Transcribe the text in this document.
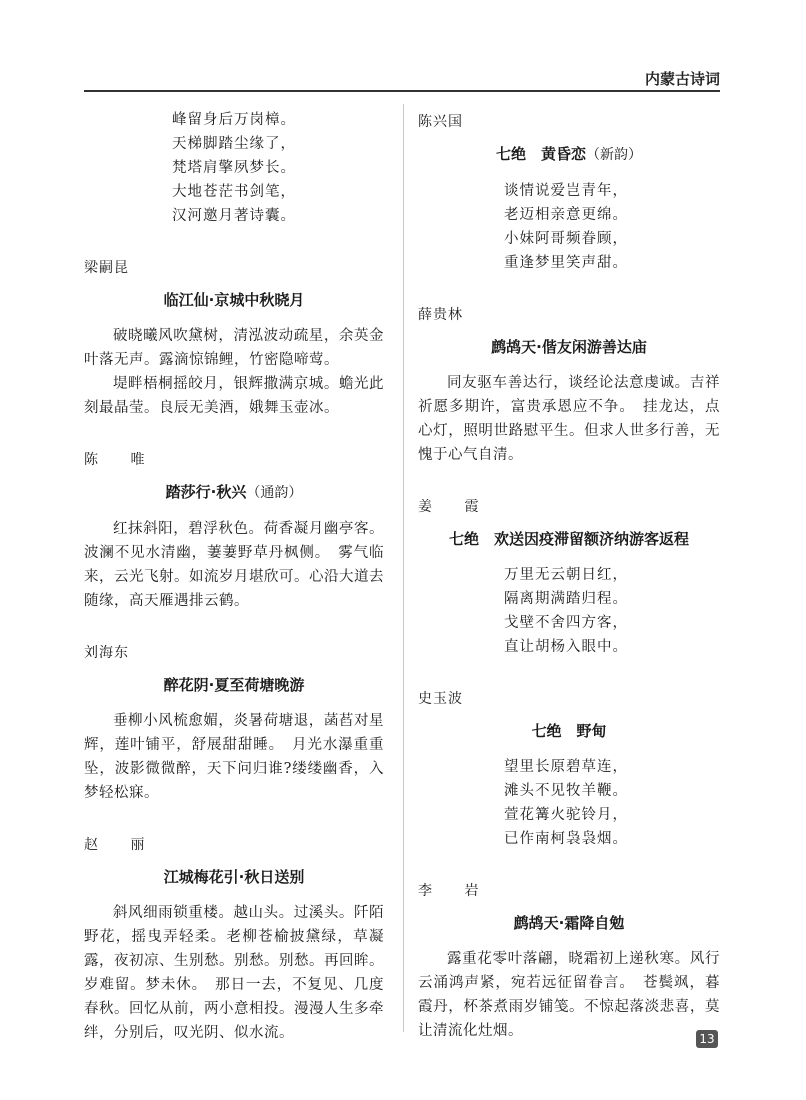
内蒙古诗词
峰留身后万岗樟。
天梯脚踏尘缘了，
梵塔肩擎夙梦长。
大地苍茫书剑笔，
汉河邀月著诗囊。
梁嗣昆
临江仙·京城中秋晓月

破晓曦风吹黛树，清泓波动疏星，余英金叶落无声。露滴惊锦鲤，竹密隐啼莺。

堤畔梧桐摇皎月，银辉撒满京城。蟾光此刻最晶莹。良辰无美酒，娥舞玉壶冰。

陈 唯
踏莎行·秋兴（通韵）

红抹斜阳，碧浮秋色。荷香凝月幽亭客。波澜不见水清幽，萋萋野草丹枫侧。　雾气临来，云光飞射。如流岁月堪欣可。心沿大道去随缘，高天雁遇排云鹤。

刘海东
醉花阴·夏至荷塘晚游

垂柳小风梳愈媚，炎暑荷塘退，菡萏对星辉，莲叶铺平，舒展甜甜睡。　月光水瀑重重坠，波影微微醉，天下问归谁?缕缕幽香，入梦轻松寐。

赵 丽
江城梅花引·秋日送别

斜风细雨锁重楼。越山头。过溪头。阡陌野花，摇曳弄轻柔。老柳苍榆披黛绿，草凝露，夜初凉、生别愁。别愁。别愁。再回眸。岁难留。梦未休。　那日一去，不复见、几度春秋。回忆从前，两小意相投。漫漫人生多牵绊，分别后，叹光阴、似水流。

陈兴国
七绝　黄昏恋（新韵）
谈情说爱岂青年，
老迈相亲意更绵。
小妹阿哥频眷顾，
重逢梦里笑声甜。
薛贵林
鹧鸪天·偕友闲游善达庙

同友驱车善达行，谈经论法意虔诚。吉祥祈愿多期许，富贵承恩应不争。　挂龙达，点心灯，照明世路慰平生。但求人世多行善，无愧于心气自清。

姜 霞
七绝　欢送因疫滞留额济纳游客返程
万里无云朝日红，
隔离期满踏归程。
戈壁不舍四方客，
直让胡杨入眼中。
史玉波
七绝　野甸
望里长原碧草连，
滩头不见牧羊鞭。
萱花篝火驼铃月，
已作南柯袅袅烟。
李 岩
鹧鸪天·霜降自勉

露重花零叶落翩，晓霜初上递秋寒。风行云涌鸿声紧，宛若远征留眷言。　苍鬓飒，暮霞丹，杯茶煮雨岁铺笺。不惊起落淡悲喜，莫让清流化灶烟。	13
